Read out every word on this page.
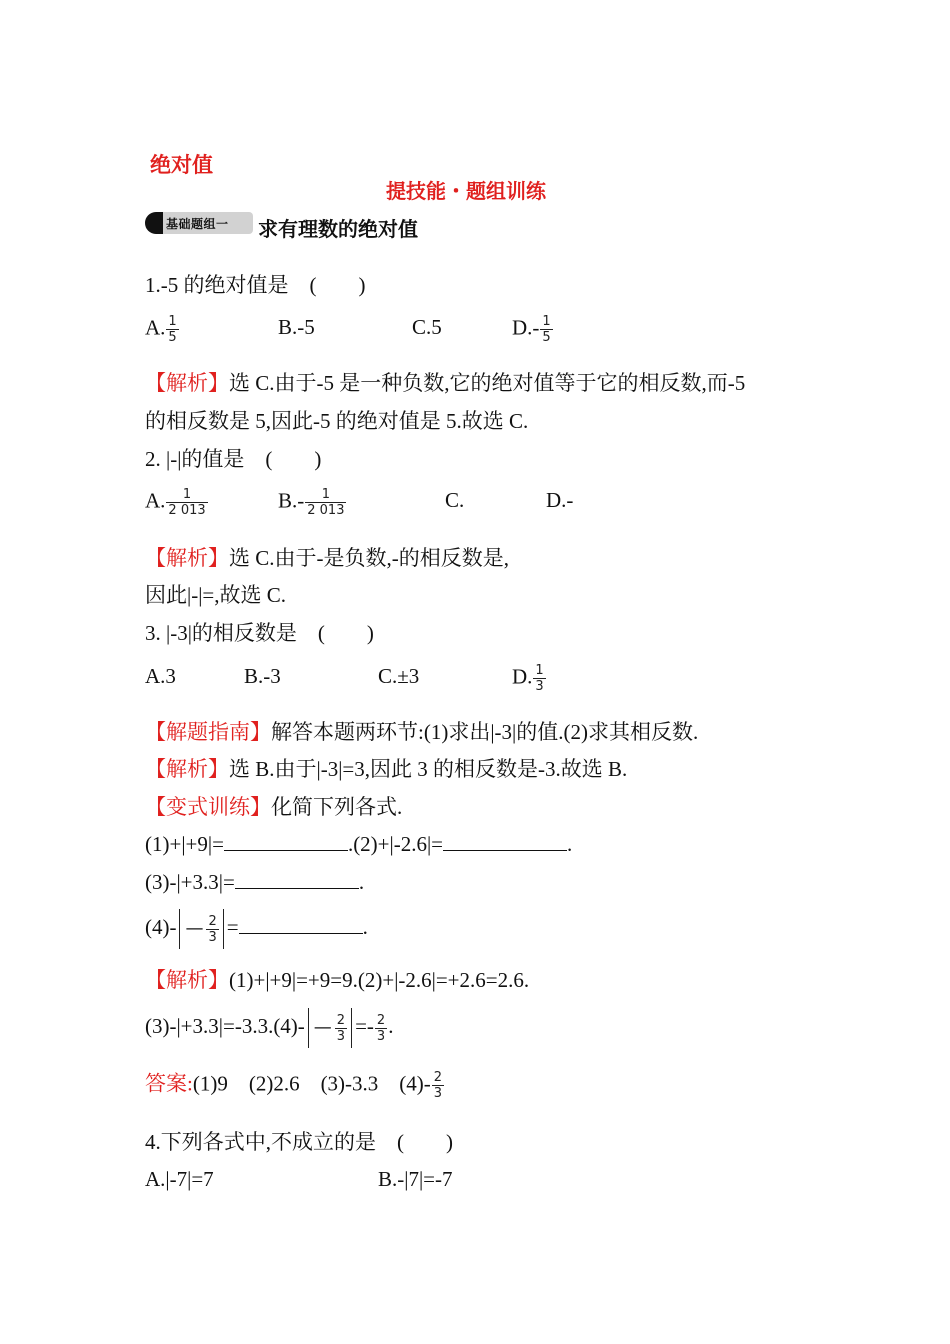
绝对值
提技能・题组训练
基础题组一 求有理数的绝对值
1.-5 的绝对值是　(　　)
A. $\frac{1}{5}$	B.-5	C.5	$D.- \frac{1}{5}$
【解析】选 C.由于-5 是一种负数,它的绝对值等于它的相反数,而-5
的相反数是 5,因此-5 的绝对值是 5.故选 C.
2. |-|的值是　(　　)
A. $\frac{1}{2 013}$	$B.- \frac{1}{2 013}$	C.	D.-
【解析】选 C.由于-是负数,-的相反数是,
因此|-|=,故选 C.
3. |-3|的相反数是　(　　)
A.3	B.-3	C.±3	D. $\frac{1}{3}$
【解题指南】解答本题两环节:(1)求出|-3|的值.(2)求其相反数.
【解析】选 B.由于|-3|=3,因此 3 的相反数是-3.故选 B.
【变式训练】化简下列各式.
(1)+|+9|=	.(2)+|-2.6|=	.
(3)-|+3.3|=	.
(4)- — $\frac{2}{3}$ =	.
【解析】(1)+|+9|=+9=9.(2)+|-2.6|=+2.6=2.6.
(3)-|+3.3|=-3.3.(4)- — $\frac{2}{3} =- \frac{2}{3}$ .
答案:(1)9　(2)2.6　(3)-3.3　$(4)- \frac{2}{3}$
4.下列各式中,不成立的是　(　　)
A.|-7|=7	B.-|7|=-7
